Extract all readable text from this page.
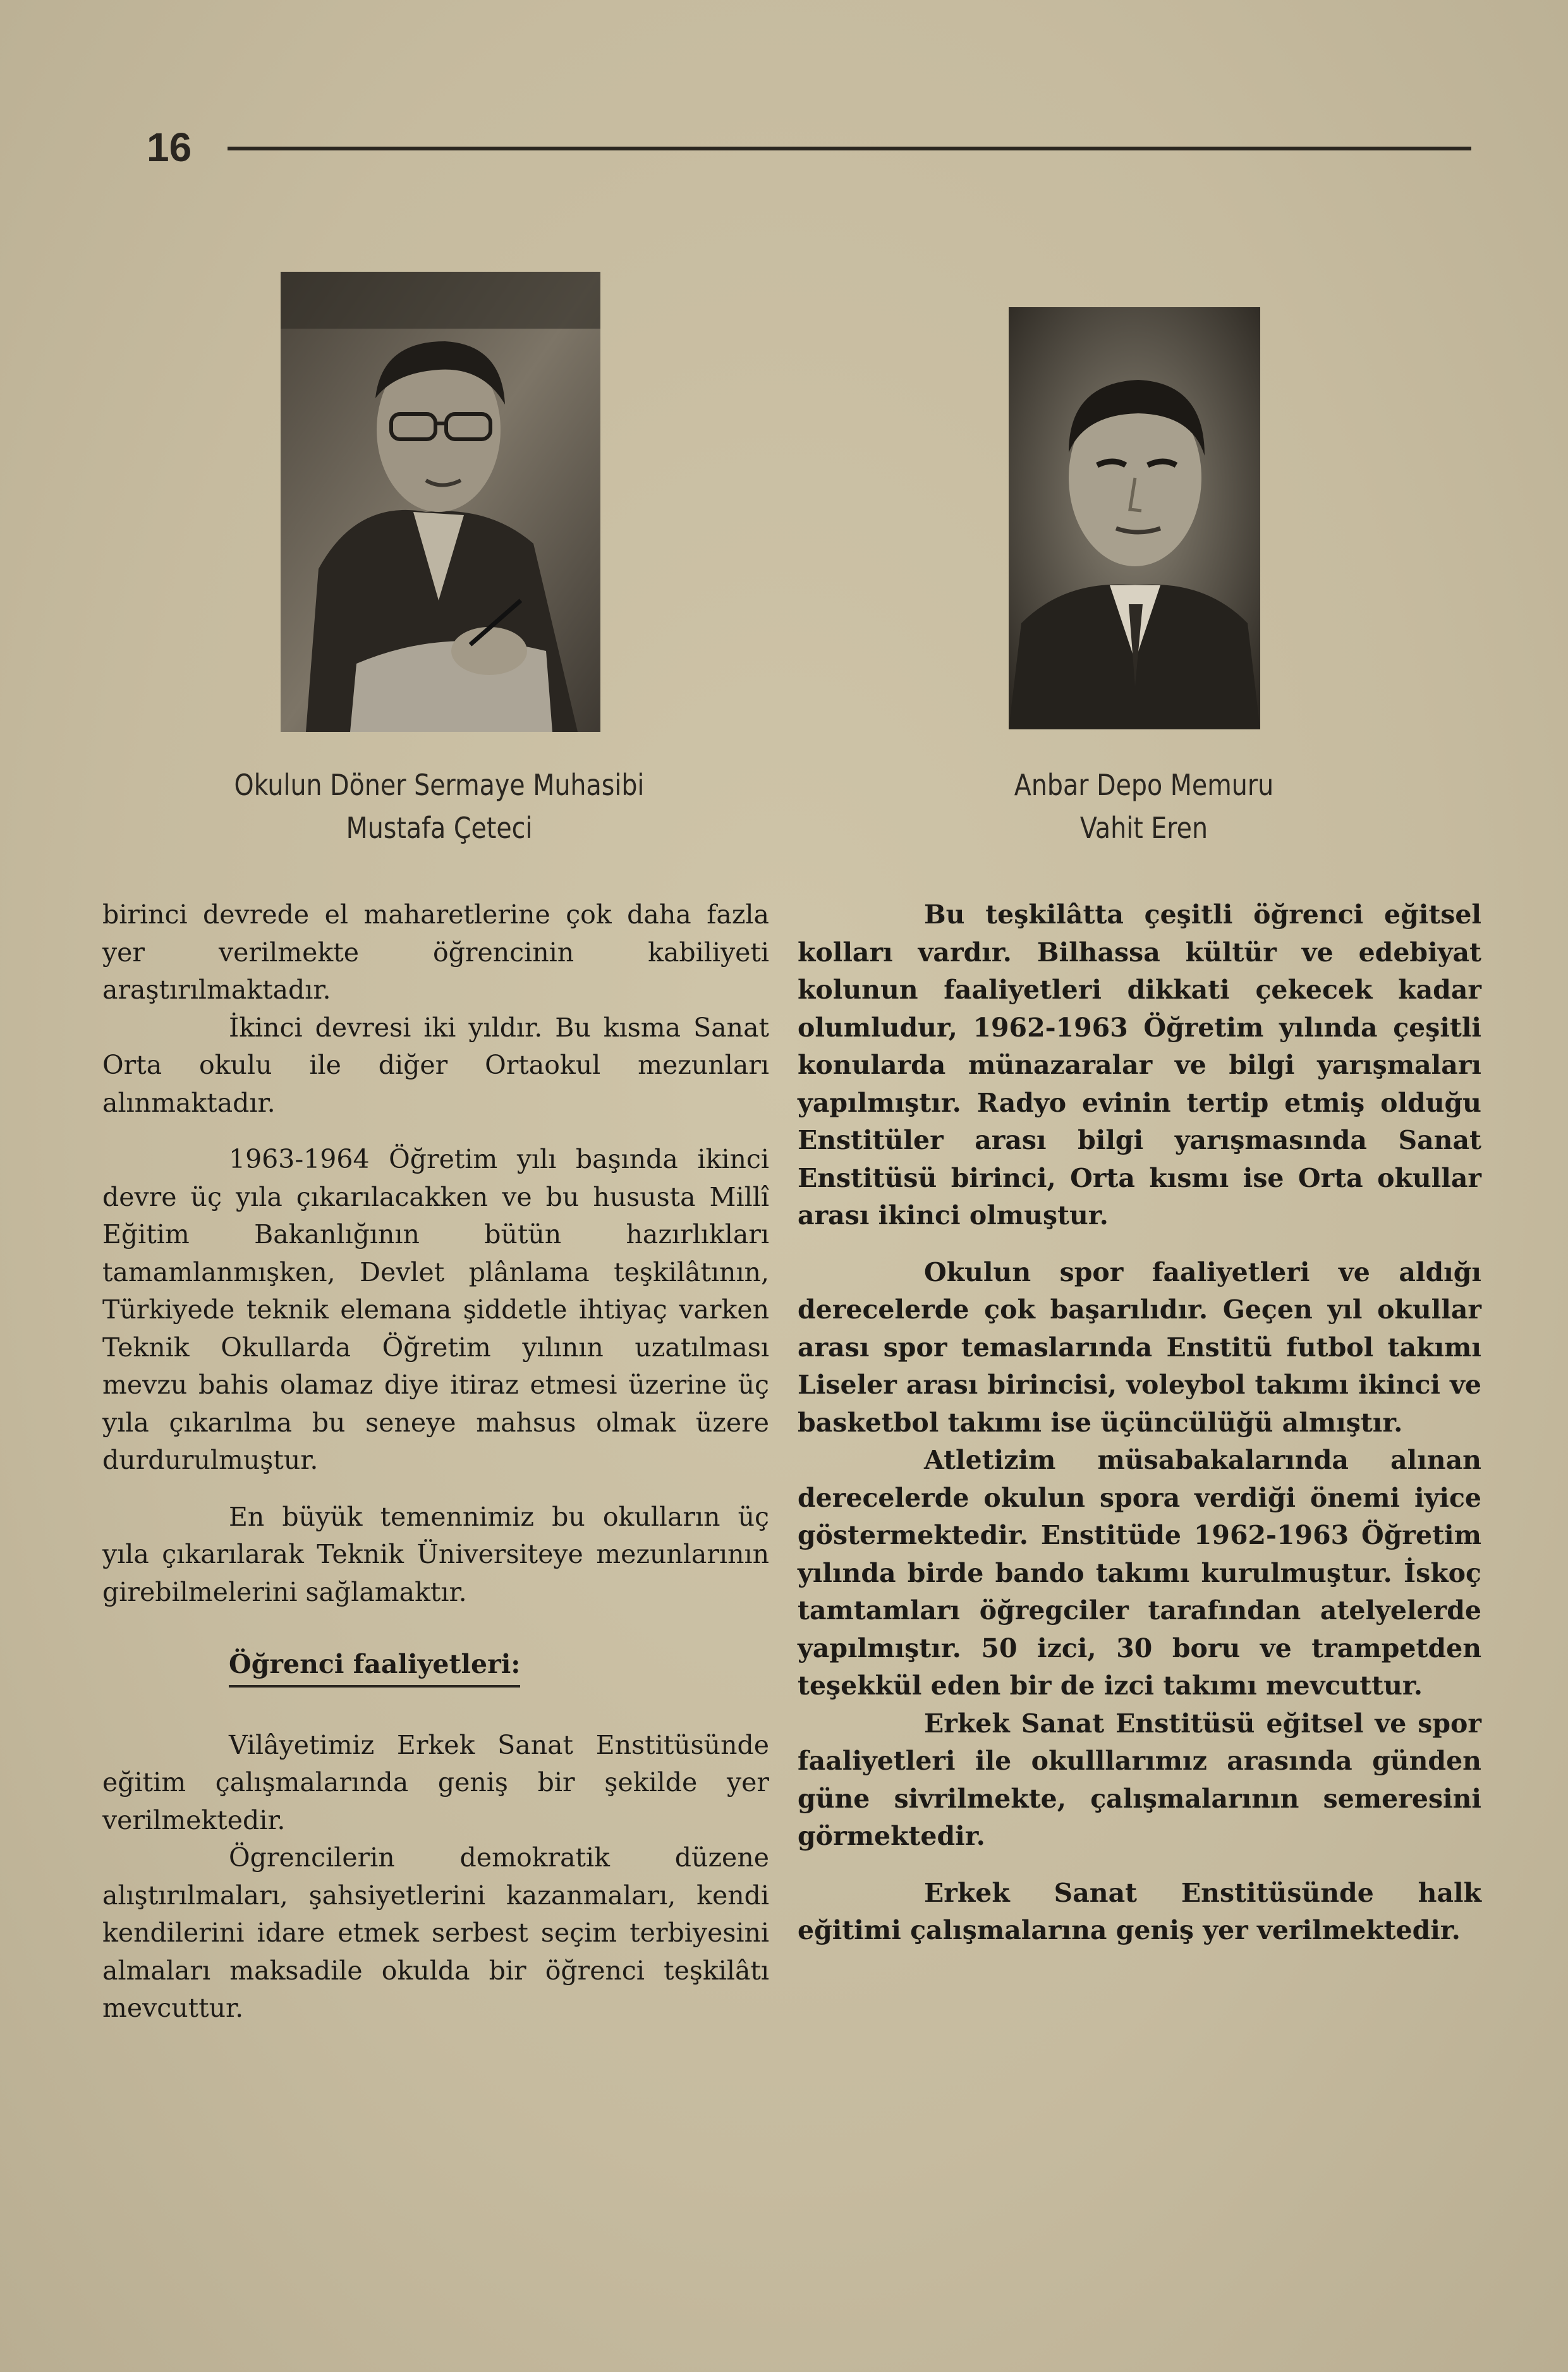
16
Okulun Döner Sermaye Muhasibi
Mustafa Çeteci
Anbar Depo Memuru
Vahit Eren

birinci devrede el maharetlerine çok daha fazla yer verilmekte öğrencinin kabiliyeti araştırılmaktadır.

İkinci devresi iki yıldır. Bu kısma Sanat Orta okulu ile diğer Ortaokul mezunları alınmaktadır.

1963-1964 Öğretim yılı başında ikinci devre üç yıla çıkarılacakken ve bu hususta Millî Eğitim Bakanlığının bütün hazırlıkları tamamlanmışken, Devlet plânlama teşkilâtının, Türkiyede teknik elemana şiddetle ihtiyaç varken Teknik Okullarda Öğretim yılının uzatılması mevzu bahis olamaz diye itiraz etmesi üzerine üç yıla çıkarılma bu seneye mahsus olmak üzere durdurulmuştur.

En büyük temennimiz bu okulların üç yıla çıkarılarak Teknik Üniversiteye mezunlarının girebilmelerini sağlamaktır.

Öğrenci faaliyetleri:

Vilâyetimiz Erkek Sanat Enstitüsünde eğitim çalışmalarında geniş bir şekilde yer verilmektedir.

Ögrencilerin demokratik düzene alıştırılmaları, şahsiyetlerini kazanmaları, kendi kendilerini idare etmek serbest seçim terbiyesini almaları maksadile okulda bir öğrenci teşkilâtı mevcuttur.

Bu teşkilâtta çeşitli öğrenci eğitsel kolları vardır. Bilhassa kültür ve edebiyat kolunun faaliyetleri dikkati çekecek kadar olumludur, 1962-1963 Öğretim yılında çeşitli konularda münazaralar ve bilgi yarışmaları yapılmıştır. Radyo evinin tertip etmiş olduğu Enstitüler arası bilgi yarışmasında Sanat Enstitüsü birinci, Orta kısmı ise Orta okullar arası ikinci olmuştur.

Okulun spor faaliyetleri ve aldığı derecelerde çok başarılıdır. Geçen yıl okullar arası spor temaslarında Enstitü futbol takımı Liseler arası birincisi, voleybol takımı ikinci ve basketbol takımı ise üçüncülüğü almıştır.

Atletizim müsabakalarında alınan derecelerde okulun spora verdiği önemi iyice göstermektedir. Enstitüde 1962-1963 Öğretim yılında birde bando takımı kurulmuştur. İskoç tamtamları öğregciler tarafından atelyelerde yapılmıştır. 50 izci, 30 boru ve trampetden teşekkül eden bir de izci takımı mevcuttur.

Erkek Sanat Enstitüsü eğitsel ve spor faaliyetleri ile okulllarımız arasında günden güne sivrilmekte, çalışmalarının semeresini görmektedir.

Erkek Sanat Enstitüsünde halk eğitimi çalışmalarına geniş yer verilmektedir.
